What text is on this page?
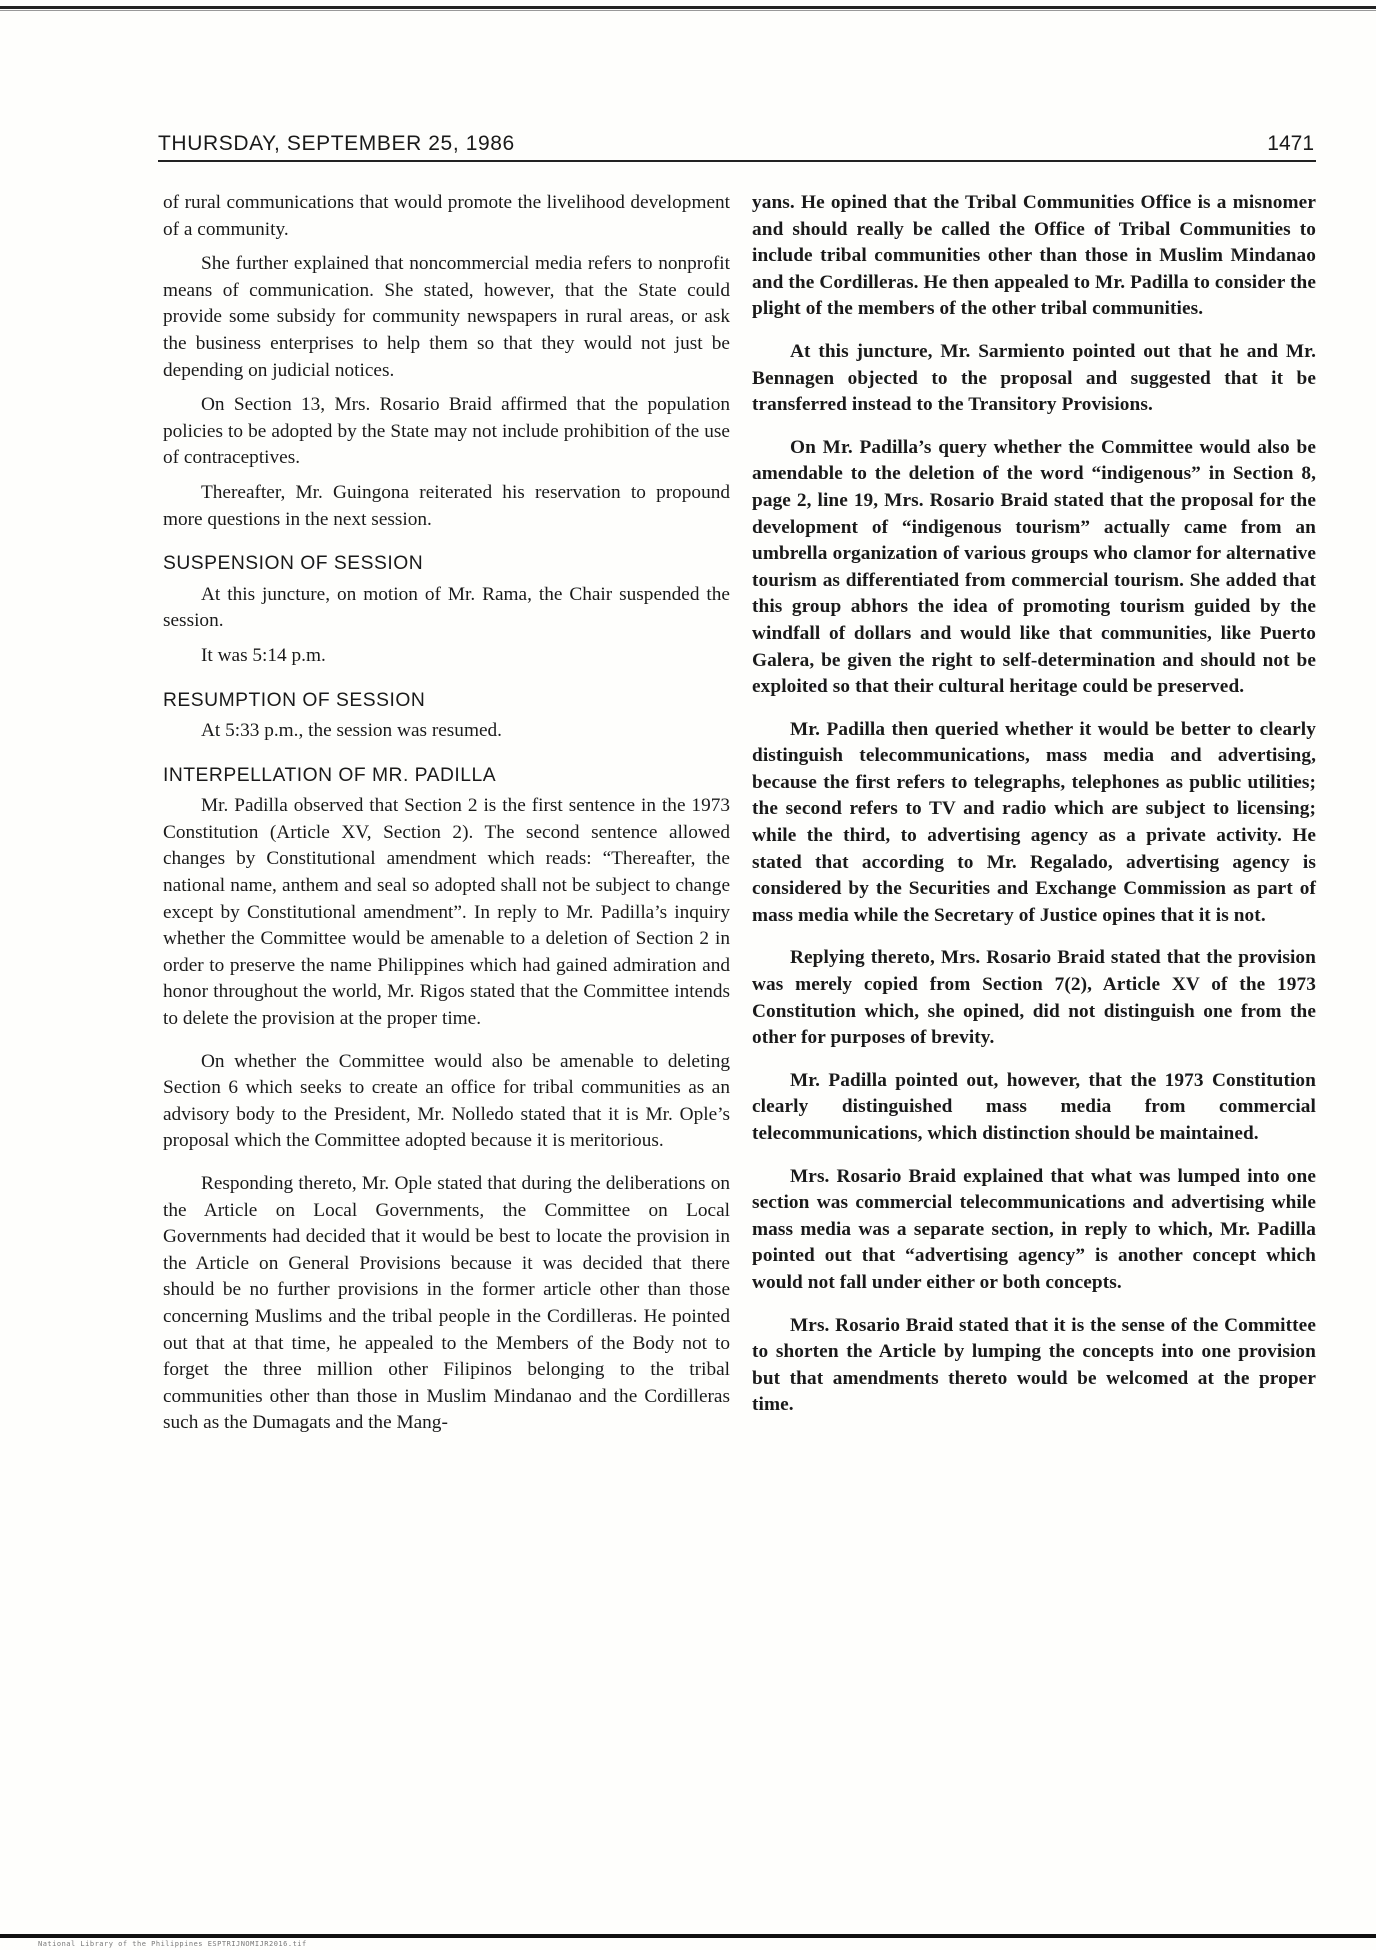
THURSDAY, SEPTEMBER 25, 1986	1471

of rural communications that would promote the livelihood development of a community.

She further explained that noncommercial media refers to nonprofit means of communication. She stated, however, that the State could provide some subsidy for community newspapers in rural areas, or ask the business enterprises to help them so that they would not just be depending on judicial notices.

On Section 13, Mrs. Rosario Braid affirmed that the population policies to be adopted by the State may not include prohibition of the use of contraceptives.

Thereafter, Mr. Guingona reiterated his reservation to propound more questions in the next session.

SUSPENSION OF SESSION

At this juncture, on motion of Mr. Rama, the Chair suspended the session.

It was 5:14 p.m.

RESUMPTION OF SESSION

At 5:33 p.m., the session was resumed.

INTERPELLATION OF MR. PADILLA

Mr. Padilla observed that Section 2 is the first sentence in the 1973 Constitution (Article XV, Section 2). The second sentence allowed changes by Constitutional amendment which reads: “Thereafter, the national name, anthem and seal so adopted shall not be subject to change except by Constitutional amendment”. In reply to Mr. Padilla’s inquiry whether the Committee would be amenable to a deletion of Section 2 in order to preserve the name Philippines which had gained admiration and honor throughout the world, Mr. Rigos stated that the Committee intends to delete the provision at the proper time.

On whether the Committee would also be amenable to deleting Section 6 which seeks to create an office for tribal communities as an advisory body to the President, Mr. Nolledo stated that it is Mr. Ople’s proposal which the Committee adopted because it is meritorious.

Responding thereto, Mr. Ople stated that during the deliberations on the Article on Local Governments, the Committee on Local Governments had decided that it would be best to locate the provision in the Article on General Provisions because it was decided that there should be no further provisions in the former article other than those concerning Muslims and the tribal people in the Cordilleras. He pointed out that at that time, he appealed to the Members of the Body not to forget the three million other Filipinos belonging to the tribal communities other than those in Muslim Mindanao and the Cordilleras such as the Dumagats and the Mang-

yans. He opined that the Tribal Communities Office is a misnomer and should really be called the Office of Tribal Communities to include tribal communities other than those in Muslim Mindanao and the Cordilleras. He then appealed to Mr. Padilla to consider the plight of the members of the other tribal communities.

At this juncture, Mr. Sarmiento pointed out that he and Mr. Bennagen objected to the proposal and suggested that it be transferred instead to the Transitory Provisions.

On Mr. Padilla’s query whether the Committee would also be amendable to the deletion of the word “indigenous” in Section 8, page 2, line 19, Mrs. Rosario Braid stated that the proposal for the development of “indigenous tourism” actually came from an umbrella organization of various groups who clamor for alternative tourism as differentiated from commercial tourism. She added that this group abhors the idea of promoting tourism guided by the windfall of dollars and would like that communities, like Puerto Galera, be given the right to self-determination and should not be exploited so that their cultural heritage could be preserved.

Mr. Padilla then queried whether it would be better to clearly distinguish telecommunications, mass media and advertising, because the first refers to telegraphs, telephones as public utilities; the second refers to TV and radio which are subject to licensing; while the third, to advertising agency as a private activity. He stated that according to Mr. Regalado, advertising agency is considered by the Securities and Exchange Commission as part of mass media while the Secretary of Justice opines that it is not.

Replying thereto, Mrs. Rosario Braid stated that the provision was merely copied from Section 7(2), Article XV of the 1973 Constitution which, she opined, did not distinguish one from the other for purposes of brevity.

Mr. Padilla pointed out, however, that the 1973 Constitution clearly distinguished mass media from commercial telecommunications, which distinction should be maintained.

Mrs. Rosario Braid explained that what was lumped into one section was commercial telecommunications and advertising while mass media was a separate section, in reply to which, Mr. Padilla pointed out that “advertising agency” is another concept which would not fall under either or both concepts.

Mrs. Rosario Braid stated that it is the sense of the Committee to shorten the Article by lumping the concepts into one provision but that amendments thereto would be welcomed at the proper time.

National Library of the Philippines ESPTRIJNOMIJR2016.tif
